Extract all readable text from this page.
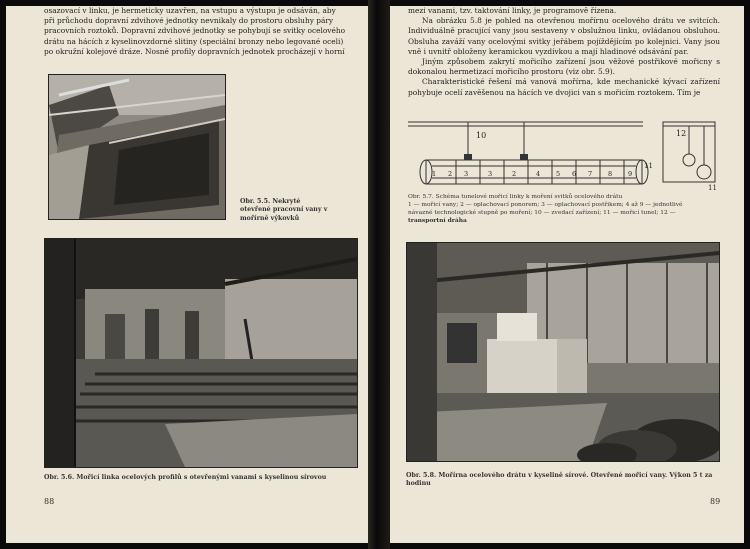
osazovací v linku, je hermeticky uzavřen, na vstupu a výstupu je odsáván, aby

při průchodu dopravní zdvihové jednotky nevnikaly do prostoru obsluhy páry

pracovních roztoků. Dopravní zdvihové jednotky se pohybují se svitky ocelového

drátu na hácích z kyselinovzdorné slitiny (speciální bronzy nebo legované oceli)

po okružní kolejové dráze. Nosné profily dopravních jednotek procházejí v horní

Obr. 5.5. Nekryté otevřené pracovní vany v mořírně výkovků
Obr. 5.6. Mořicí linka ocelových profilů s otevřenými vanami s kyselinou sírovou
88

mezi vanami, tzv. taktování linky, je programově řízena.

Na obrázku 5.8 je pohled na otevřenou mořírnu ocelového drátu ve svitcích. Individuálně pracující vany jsou sestaveny v obslužnou linku, ovládanou obsluhou. Obsluha zaváží vany ocelovými svitky jeřábem pojíždějícím po kolejnici. Vany jsou vně i uvnitř obloženy keramickou vyzdívkou a mají hladinové odsávání par.

Jiným způsobem zakrytí mořicího zařízení jsou věžové postřikové mořicny s dokonalou hermetizací mořicího prostoru (viz obr. 5.9).

Charakteristické řešení má vanová mořírna, kde mechanické kývací zařízení pohybuje ocelí zavěšenou na hácích ve dvojici van s mořicím roztokem. Tím je

10	12
11
11
1 2 3	3	2	4 5 6 7 8 9
Obr. 5.7. Schéma tunelové mořicí linky k moření svitků ocelového drátu
1 — mořicí vany; 2 — oplachovací ponorem; 3 — oplachovací postřikem; 4 až 9 — jednotlivé
návazné technologické stupně po moření; 10 — zvedací zařízení; 11 — mořicí tunel; 12 —
transportní dráha
Obr. 5.8. Mořírna ocelového drátu v kyselině sírové. Otevřené mořicí vany. Výkon 5 t za hodinu
89
